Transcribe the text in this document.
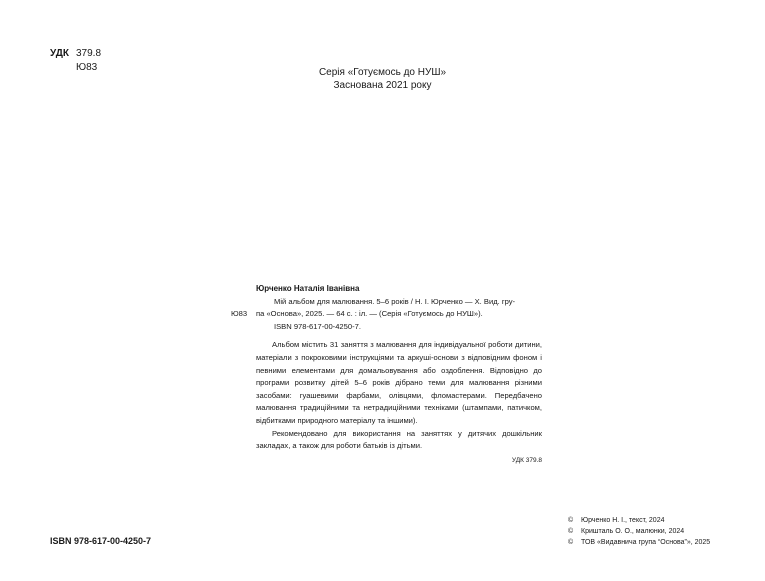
УДК 379.8
Ю83	Серія «Готуємось до НУШ»
Заснована 2021 року
Ю83
Юрченко Наталія Іванівна
Мій альбом для малювання. 5–6 років / Н. І. Юрченко — Х. Вид. гру-
па «Основа», 2025. — 64 с. : іл. — (Серія «Готуємось до НУШ»).
ISBN 978-617-00-4250-7.

Альбом містить 31 заняття з малювання для індивідуальної роботи дитини, матеріали з покроковими інструкціями та аркуші-основи з відповідним фоном і певними елементами для домальовування або оздоблення. Відповідно до програми розвитку дітей 5–6 років дібрано теми для малювання різними засобами: гуашевими фарбами, олівцями, фломастерами. Передбачено малювання традиційними та нетрадиційними техніками (штампами, патичком, відбитками природного матеріалу та іншими).

Рекомендовано для використання на заняттях у дитячих дошкільник закладах, а також для роботи батьків із дітьми.

УДК 379.8
ISBN 978-617-00-4250-7
©	Юрченко Н. І., текст, 2024
©	Кришталь О. О., малюнки, 2024
©	ТОВ «Видавнича група “Основа”», 2025
